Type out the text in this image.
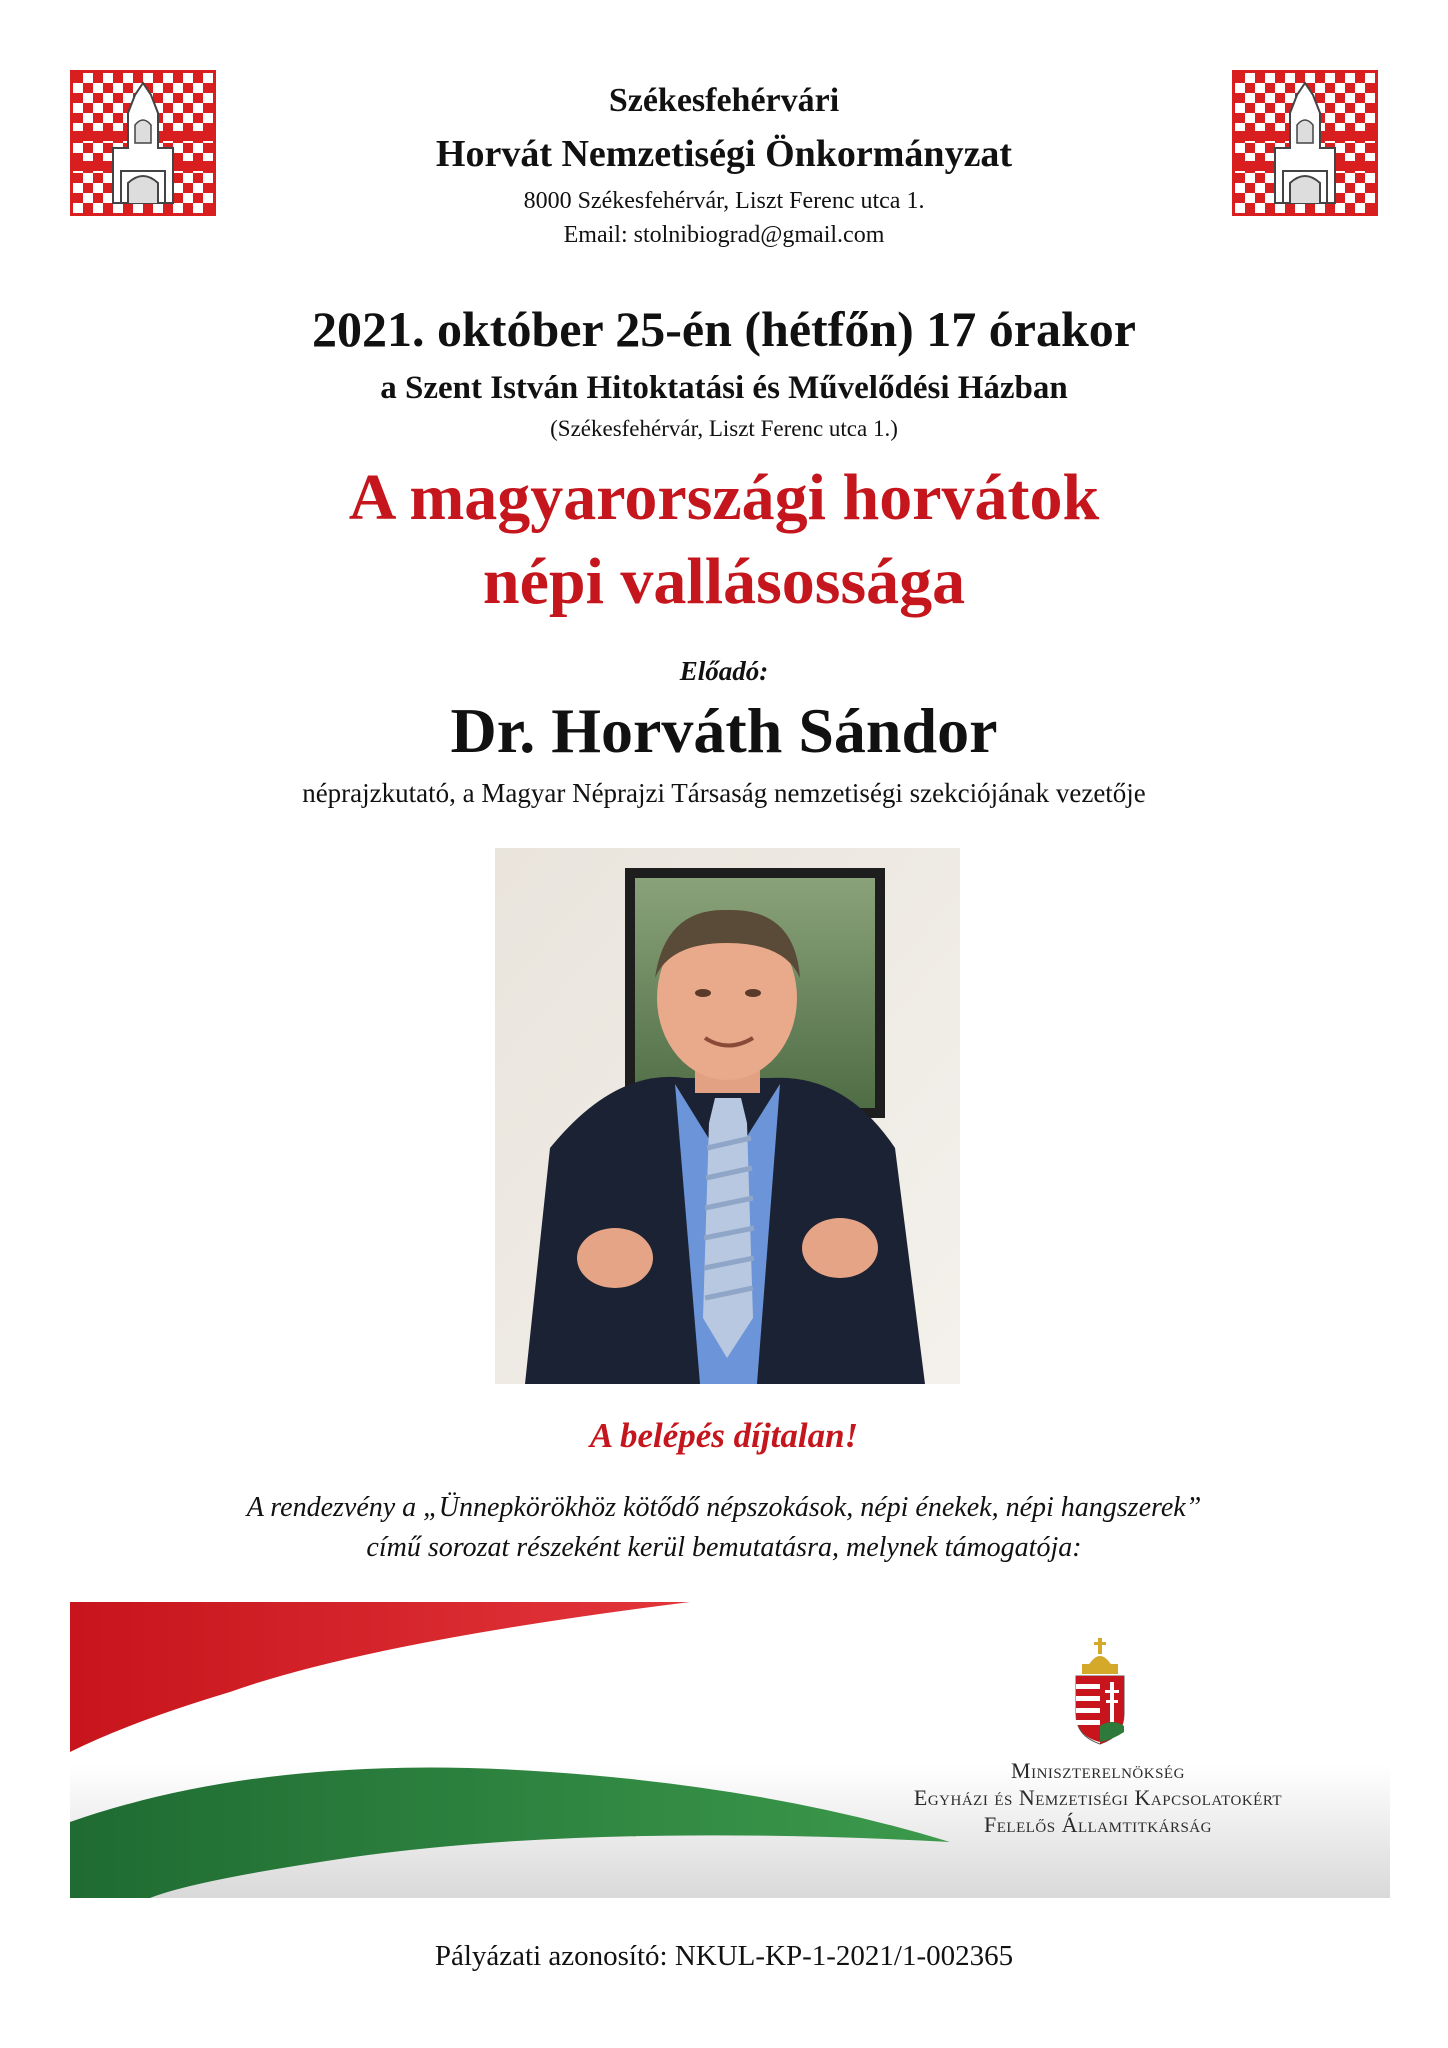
Székesfehérvári
Horvát Nemzetiségi Önkormányzat
8000 Székesfehérvár, Liszt Ferenc utca 1.
Email: stolnibiograd@gmail.com
2021. október 25-én (hétfőn) 17 órakor
a Szent István Hitoktatási és Művelődési Házban
(Székesfehérvár, Liszt Ferenc utca 1.)
A magyarországi horvátok
népi vallásossága
Előadó:
Dr. Horváth Sándor
néprajzkutató, a Magyar Néprajzi Társaság nemzetiségi szekciójának vezetője
A belépés díjtalan!
A rendezvény a „Ünnepkörökhöz kötődő népszokások, népi énekek, népi hangszerek”
című sorozat részeként kerül bemutatásra, melynek támogatója:
Miniszterelnökség
Egyházi és Nemzetiségi Kapcsolatokért
Felelős Államtitkárság
Pályázati azonosító: NKUL-KP-1-2021/1-002365
